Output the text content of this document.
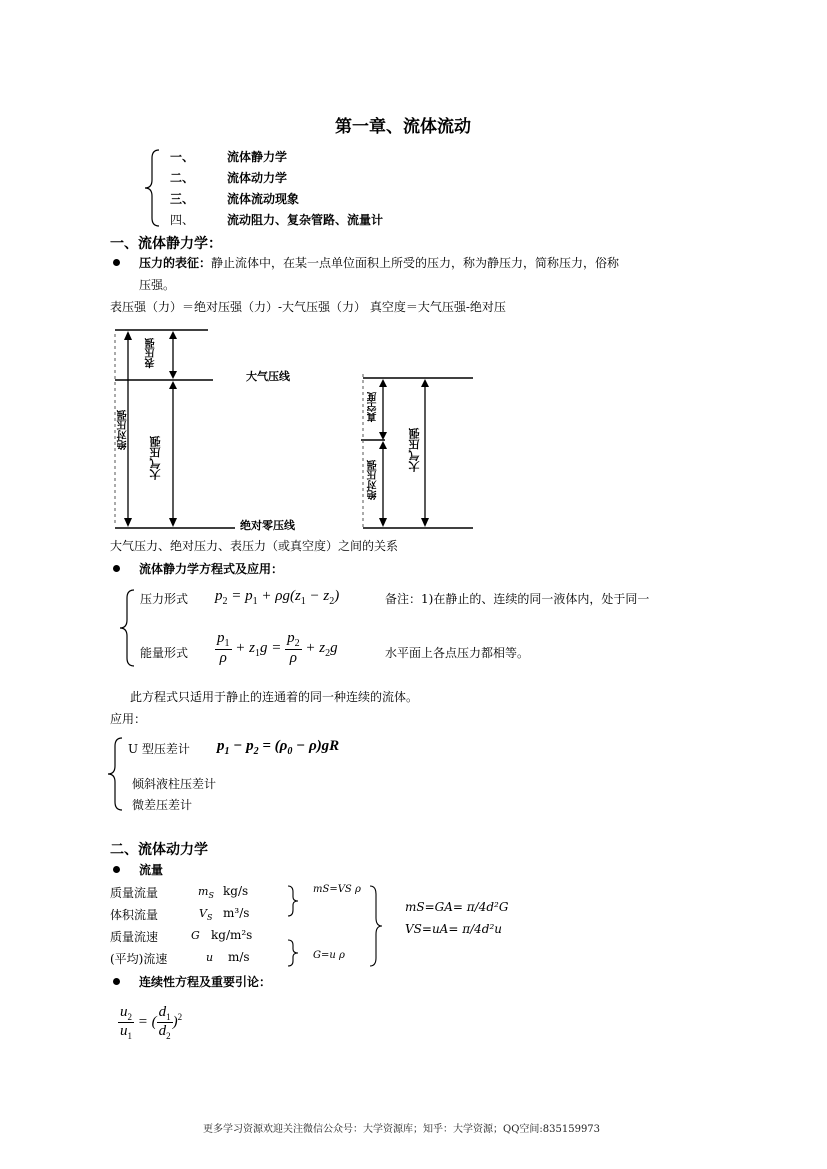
第一章、流体流动
一、	流体静力学
二、	流体动力学
三、	流体流动现象
四、	流动阻力、复杂管路、流量计
一、流体静力学：
压力的表征：静止流体中，在某一点单位面积上所受的压力，称为静压力，简称压力，俗称
压强。
表压强（力）＝绝对压强（力）-大气压强（力） 真空度＝大气压强-绝对压
表压强
大气压线
绝对压强
大气压强
真空度
绝对压强
大气压强
绝对零压线
大气压力、绝对压力、表压力（或真空度）之间的关系
流体静力学方程式及应用：
压力形式 $p_2 = p_1 + \rho g(z_1 - z_2)$	备注：1)在静止的、连续的同一液体内，处于同一
能量形式 $\frac{p_1}{\rho} + z_1g = \frac{p_2}{\rho} + z_2g$	水平面上各点压力都相等。
此方程式只适用于静止的连通着的同一种连续的流体。
应用：
U 型压差计 $p_1 - p_2 = (\rho_0 - \rho)gR$
倾斜液柱压差计
微差压差计
二、流体动力学
流量
质量流量	$m_S$ kg/s
体积流量	$V_S$ m³/s
质量流速	G kg/m²s
(平均)流速	u m/s
mS=VS ρ
G=u ρ
mS=GA= π/4d²G
VS=uA= π/4d²u
连续性方程及重要引论：
$\frac{u_2}{u_1}$ = ( $\frac{d_1}{d_2} )^2$
更多学习资源欢迎关注微信公众号：大学资源库；知乎：大学资源；QQ空间:835159973
